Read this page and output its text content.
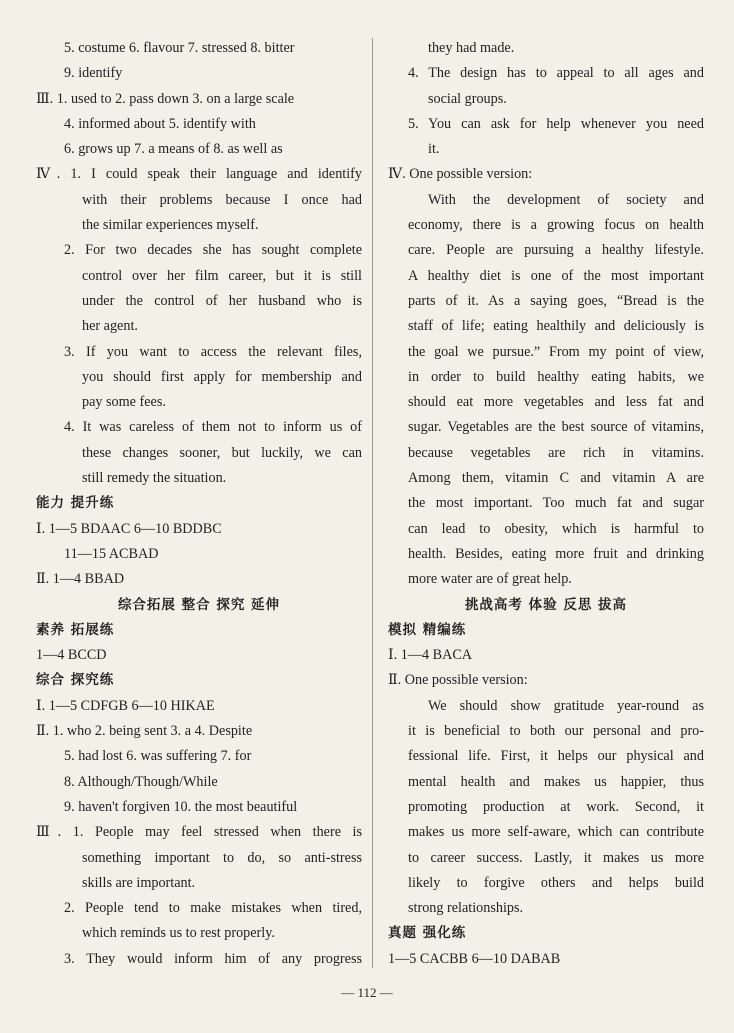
5. costume 6. flavour 7. stressed 8. bitter
9. identify
Ⅲ. 1. used to 2. pass down 3. on a large scale
4. informed about 5. identify with
6. grows up 7. a means of 8. as well as
Ⅳ. 1. I could speak their language and identify
with their problems because I once had
the similar experiences myself.
2. For two decades she has sought complete
control over her film career, but it is still
under the control of her husband who is
her agent.
3. If you want to access the relevant files,
you should first apply for membership and
pay some fees.
4. It was careless of them not to inform us of
these changes sooner, but luckily, we can
still remedy the situation.
能力 提升练
Ⅰ. 1—5 BDAAC 6—10 BDDBC
11—15 ACBAD
Ⅱ. 1—4 BBAD
综合拓展 整合 探究 延伸
素养 拓展练
1—4 BCCD
综合 探究练
Ⅰ. 1—5 CDFGB 6—10 HIKAE
Ⅱ. 1. who 2. being sent 3. a 4. Despite
5. had lost 6. was suffering 7. for
8. Although/Though/While
9. haven't forgiven 10. the most beautiful
Ⅲ. 1. People may feel stressed when there is
something important to do, so anti-stress
skills are important.
2. People tend to make mistakes when tired,
which reminds us to rest properly.
3. They would inform him of any progress
they had made.
4. The design has to appeal to all ages and
social groups.
5. You can ask for help whenever you need
it.
Ⅳ. One possible version:
With the development of society and
economy, there is a growing focus on health
care. People are pursuing a healthy lifestyle.
A healthy diet is one of the most important
parts of it. As a saying goes, “Bread is the
staff of life; eating healthily and deliciously is
the goal we pursue.” From my point of view,
in order to build healthy eating habits, we
should eat more vegetables and less fat and
sugar. Vegetables are the best source of vitamins,
because vegetables are rich in vitamins.
Among them, vitamin C and vitamin A are
the most important. Too much fat and sugar
can lead to obesity, which is harmful to
health. Besides, eating more fruit and drinking
more water are of great help.
挑战高考 体验 反思 拔高
模拟 精编练
Ⅰ. 1—4 BACA
Ⅱ. One possible version:
We should show gratitude year-round as
it is beneficial to both our personal and pro-
fessional life. First, it helps our physical and
mental health and makes us happier, thus
promoting production at work. Second, it
makes us more self-aware, which can contribute
to career success. Lastly, it makes us more
likely to forgive others and helps build
strong relationships.
真题 强化练
1—5 CACBB 6—10 DABAB
— 112 —
